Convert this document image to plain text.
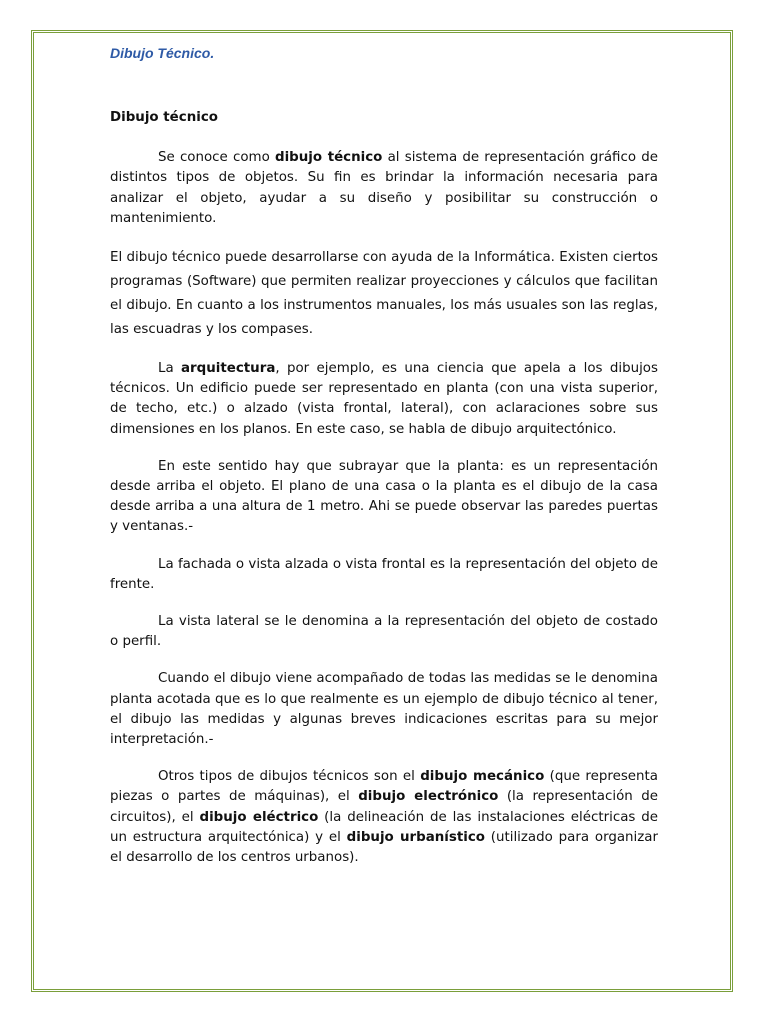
Dibujo Técnico.

Dibujo técnico

Se conoce como dibujo técnico al sistema de representación gráfico de distintos tipos de objetos. Su fin es brindar la información necesaria para analizar el objeto, ayudar a su diseño y posibilitar su construcción o mantenimiento.

El dibujo técnico puede desarrollarse con ayuda de la Informática. Existen ciertos programas (Software) que permiten realizar proyecciones y cálculos que facilitan el dibujo. En cuanto a los instrumentos manuales, los más usuales son las reglas, las escuadras y los compases.

La arquitectura, por ejemplo, es una ciencia que apela a los dibujos técnicos. Un edificio puede ser representado en planta (con una vista superior, de techo, etc.) o alzado (vista frontal, lateral), con aclaraciones sobre sus dimensiones en los planos. En este caso, se habla de dibujo arquitectónico.

En este sentido hay que subrayar que la planta: es un representación desde arriba el objeto. El plano de una casa o la planta es el dibujo de la casa desde arriba a una altura de 1 metro. Ahi se puede observar las paredes puertas y ventanas.-

La fachada o vista alzada o vista frontal es la representación del objeto de frente.

La vista lateral se le denomina a la representación del objeto de costado o perfil.

Cuando el dibujo viene acompañado de todas las medidas se le denomina planta acotada que es lo que realmente es un ejemplo de dibujo técnico al tener, el dibujo las medidas y algunas breves indicaciones escritas para su mejor interpretación.-

Otros tipos de dibujos técnicos son el dibujo mecánico (que representa piezas o partes de máquinas), el dibujo electrónico (la representación de circuitos), el dibujo eléctrico (la delineación de las instalaciones eléctricas de un estructura arquitectónica) y el dibujo urbanístico (utilizado para organizar el desarrollo de los centros urbanos).
